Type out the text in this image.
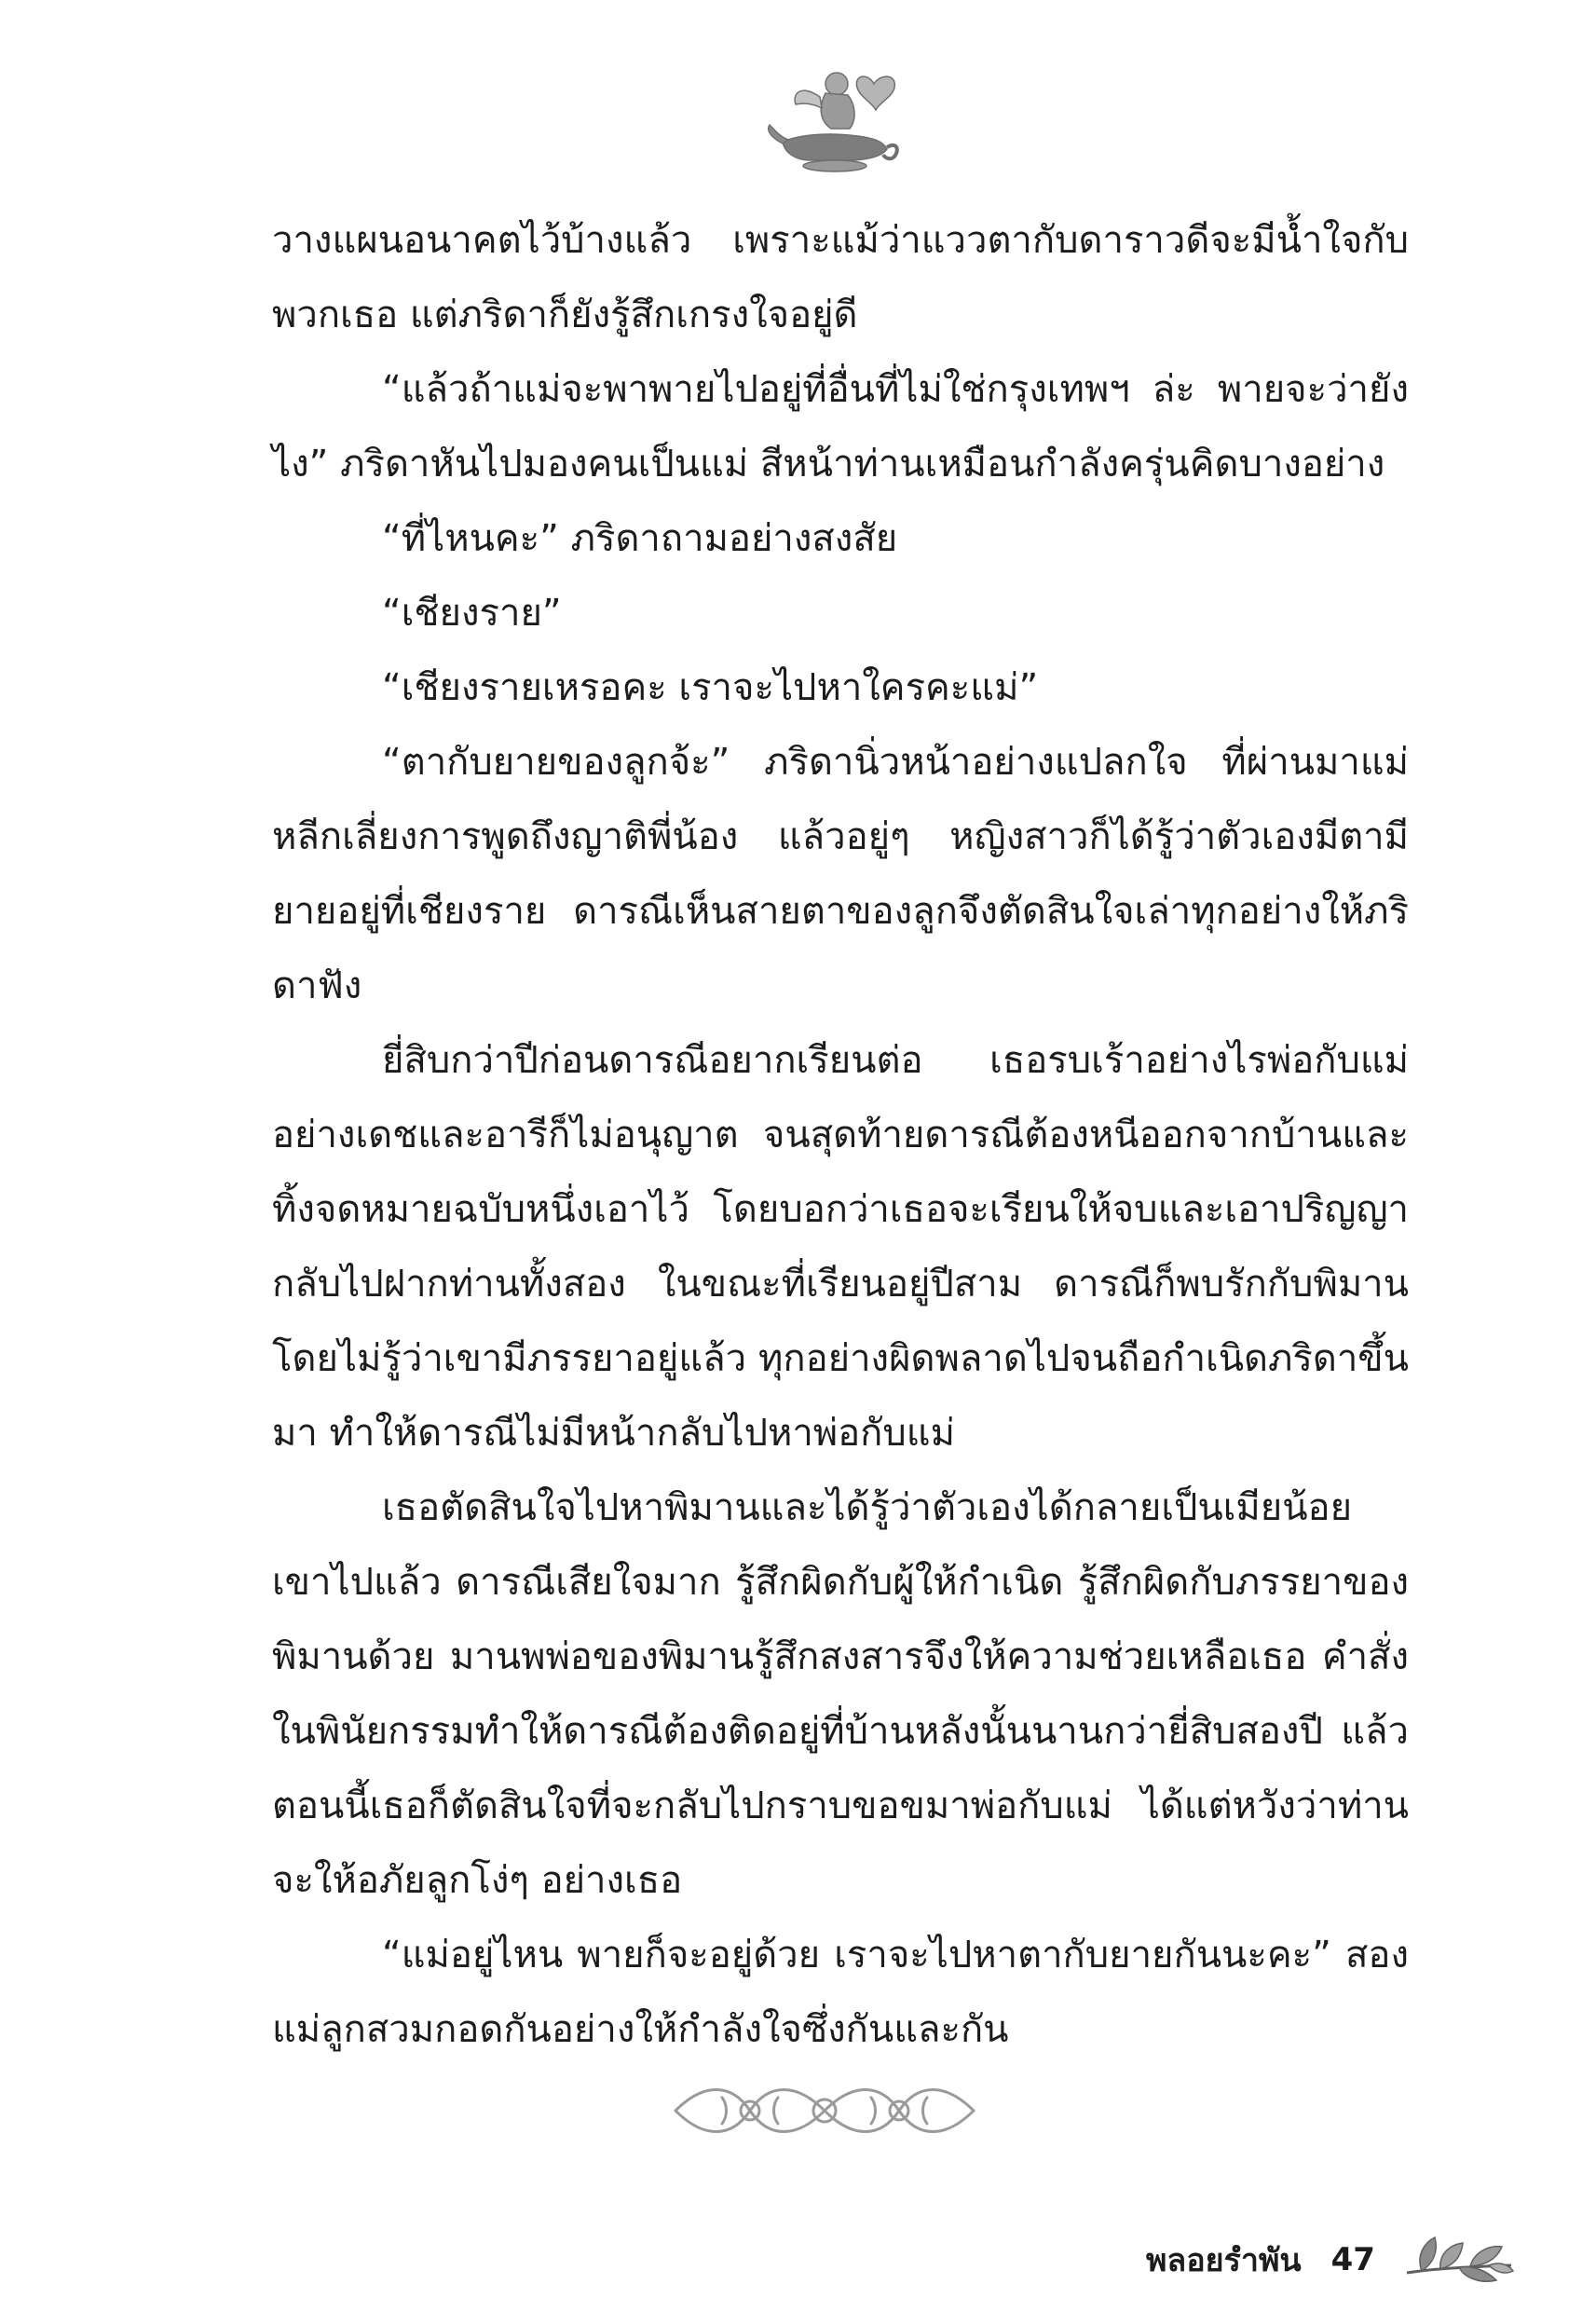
วางแผนอนาคตไว้บ้างแล้ว เพราะแม้ว่าแววตากับดาราวดีจะมีน้ำใจกับพวกเธอ แต่ภริดาก็ยังรู้สึกเกรงใจอยู่ดี

“แล้วถ้าแม่จะพาพายไปอยู่ที่อื่นที่ไม่ใช่กรุงเทพฯ ล่ะ พายจะว่ายังไง” ภริดาหันไปมองคนเป็นแม่ สีหน้าท่านเหมือนกำลังครุ่นคิดบางอย่าง

“ที่ไหนคะ” ภริดาถามอย่างสงสัย

“เชียงราย”

“เชียงรายเหรอคะ เราจะไปหาใครคะแม่”

“ตากับยายของลูกจ้ะ” ภริดานิ่วหน้าอย่างแปลกใจ ที่ผ่านมาแม่หลีกเลี่ยงการพูดถึงญาติพี่น้อง แล้วอยู่ๆ หญิงสาวก็ได้รู้ว่าตัวเองมีตามียายอยู่ที่เชียงราย ดารณีเห็นสายตาของลูกจึงตัดสินใจเล่าทุกอย่างให้ภริดาฟัง

ยี่สิบกว่าปีก่อนดารณีอยากเรียนต่อ เธอรบเร้าอย่างไรพ่อกับแม่อย่างเดชและอารีก็ไม่อนุญาต จนสุดท้ายดารณีต้องหนีออกจากบ้านและทิ้งจดหมายฉบับหนึ่งเอาไว้ โดยบอกว่าเธอจะเรียนให้จบและเอาปริญญากลับไปฝากท่านทั้งสอง ในขณะที่เรียนอยู่ปีสาม ดารณีก็พบรักกับพิมาน โดยไม่รู้ว่าเขามีภรรยาอยู่แล้ว ทุกอย่างผิดพลาดไปจนถือกำเนิดภริดาขึ้นมา ทำให้ดารณีไม่มีหน้ากลับไปหาพ่อกับแม่

เธอตัดสินใจไปหาพิมานและได้รู้ว่าตัวเองได้กลายเป็นเมียน้อยเขาไปแล้ว ดารณีเสียใจมาก รู้สึกผิดกับผู้ให้กำเนิด รู้สึกผิดกับภรรยาของพิมานด้วย มานพพ่อของพิมานรู้สึกสงสารจึงให้ความช่วยเหลือเธอ คำสั่งในพินัยกรรมทำให้ดารณีต้องติดอยู่ที่บ้านหลังนั้นนานกว่ายี่สิบสองปี แล้วตอนนี้เธอก็ตัดสินใจที่จะกลับไปกราบขอขมาพ่อกับแม่ ได้แต่หวังว่าท่านจะให้อภัยลูกโง่ๆ อย่างเธอ

“แม่อยู่ไหน พายก็จะอยู่ด้วย เราจะไปหาตากับยายกันนะคะ” สองแม่ลูกสวมกอดกันอย่างให้กำลังใจซึ่งกันและกัน

พลอยรำพัน 47
